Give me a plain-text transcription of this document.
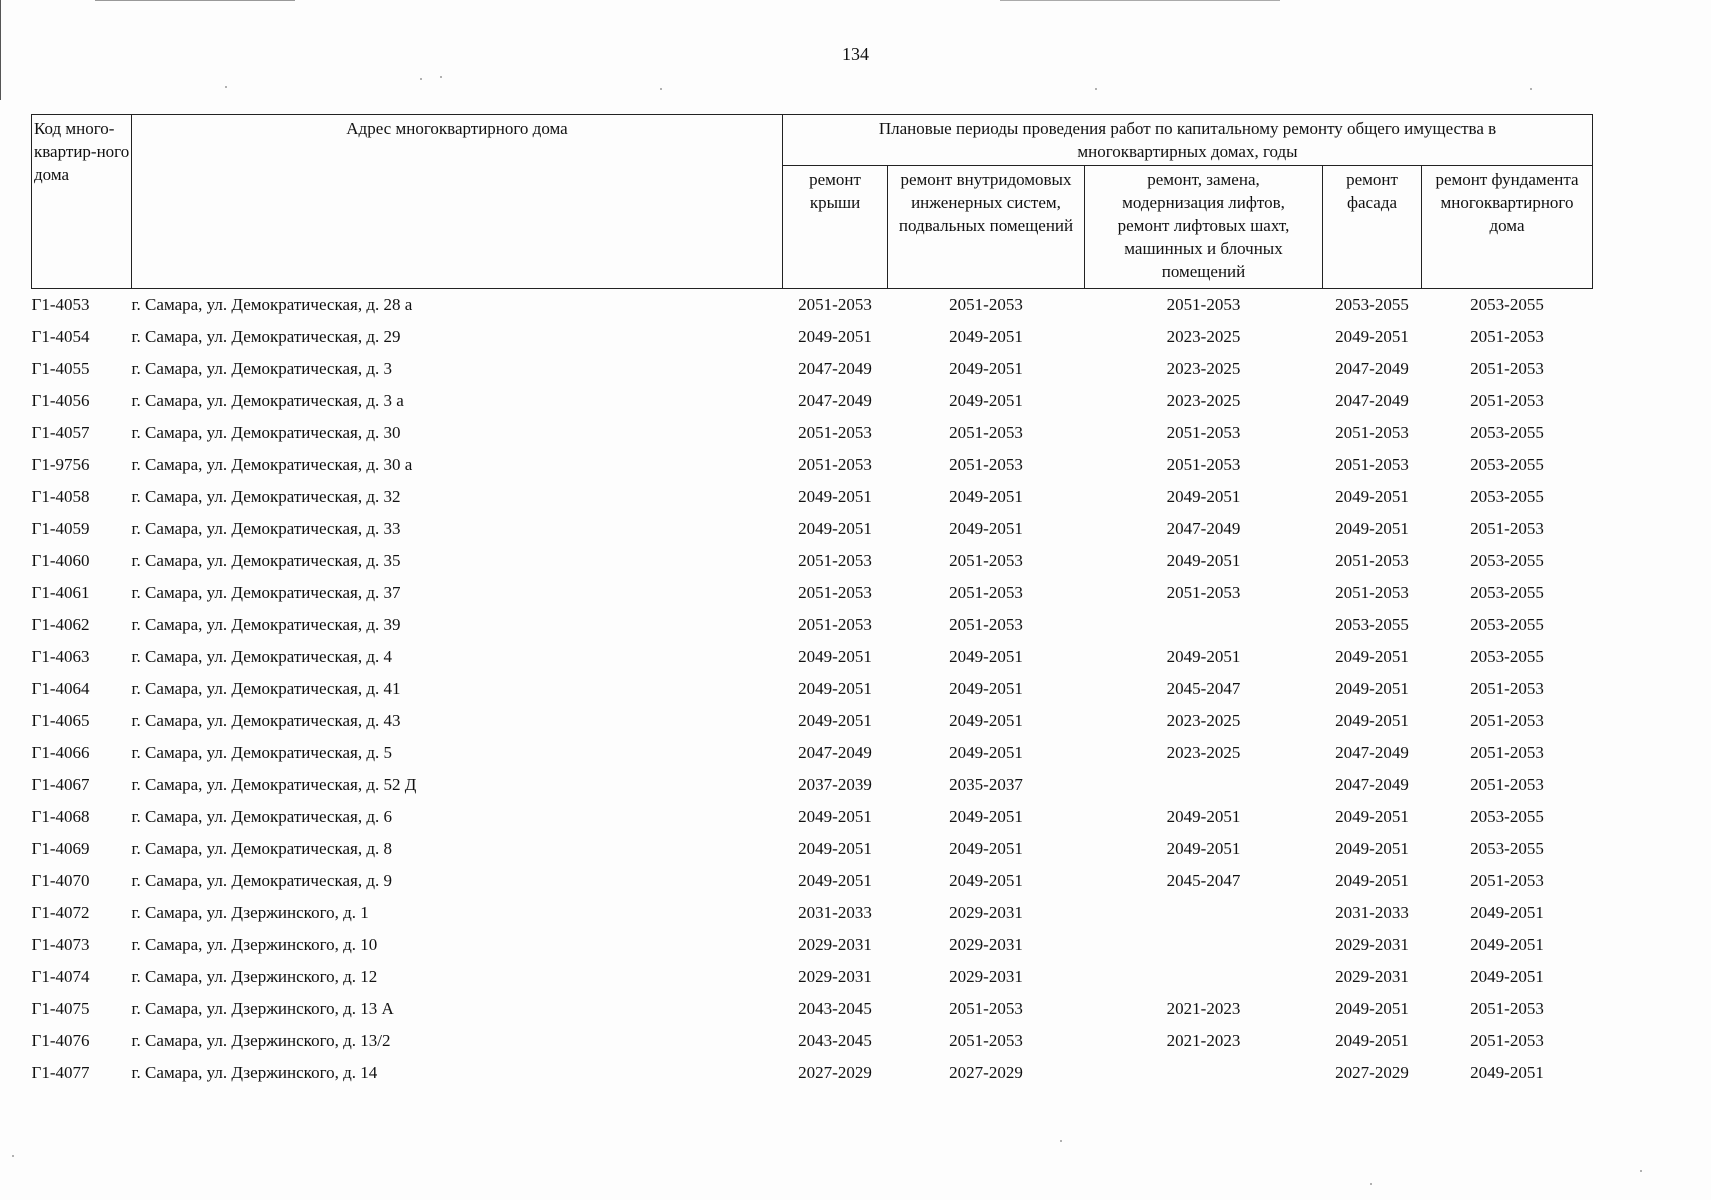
134
Код много-квартир-ного дома	Адрес многоквартирного дома	Плановые периоды проведения работ по капитальному ремонту общего имущества в многоквартирных домах, годы				
		ремонт крыши	ремонт внутридомовых инженерных систем, подвальных помещений	ремонт, замена, модернизация лифтов, ремонт лифтовых шахт, машинных и блочных помещений	ремонт фасада	ремонт фундамента многоквартирного дома
Г1-4053	г. Самара, ул. Демократическая, д. 28 а	2051-2053	2051-2053	2051-2053	2053-2055	2053-2055
Г1-4054	г. Самара, ул. Демократическая, д. 29	2049-2051	2049-2051	2023-2025	2049-2051	2051-2053
Г1-4055	г. Самара, ул. Демократическая, д. 3	2047-2049	2049-2051	2023-2025	2047-2049	2051-2053
Г1-4056	г. Самара, ул. Демократическая, д. 3 а	2047-2049	2049-2051	2023-2025	2047-2049	2051-2053
Г1-4057	г. Самара, ул. Демократическая, д. 30	2051-2053	2051-2053	2051-2053	2051-2053	2053-2055
Г1-9756	г. Самара, ул. Демократическая, д. 30 а	2051-2053	2051-2053	2051-2053	2051-2053	2053-2055
Г1-4058	г. Самара, ул. Демократическая, д. 32	2049-2051	2049-2051	2049-2051	2049-2051	2053-2055
Г1-4059	г. Самара, ул. Демократическая, д. 33	2049-2051	2049-2051	2047-2049	2049-2051	2051-2053
Г1-4060	г. Самара, ул. Демократическая, д. 35	2051-2053	2051-2053	2049-2051	2051-2053	2053-2055
Г1-4061	г. Самара, ул. Демократическая, д. 37	2051-2053	2051-2053	2051-2053	2051-2053	2053-2055
Г1-4062	г. Самара, ул. Демократическая, д. 39	2051-2053	2051-2053		2053-2055	2053-2055
Г1-4063	г. Самара, ул. Демократическая, д. 4	2049-2051	2049-2051	2049-2051	2049-2051	2053-2055
Г1-4064	г. Самара, ул. Демократическая, д. 41	2049-2051	2049-2051	2045-2047	2049-2051	2051-2053
Г1-4065	г. Самара, ул. Демократическая, д. 43	2049-2051	2049-2051	2023-2025	2049-2051	2051-2053
Г1-4066	г. Самара, ул. Демократическая, д. 5	2047-2049	2049-2051	2023-2025	2047-2049	2051-2053
Г1-4067	г. Самара, ул. Демократическая, д. 52 Д	2037-2039	2035-2037		2047-2049	2051-2053
Г1-4068	г. Самара, ул. Демократическая, д. 6	2049-2051	2049-2051	2049-2051	2049-2051	2053-2055
Г1-4069	г. Самара, ул. Демократическая, д. 8	2049-2051	2049-2051	2049-2051	2049-2051	2053-2055
Г1-4070	г. Самара, ул. Демократическая, д. 9	2049-2051	2049-2051	2045-2047	2049-2051	2051-2053
Г1-4072	г. Самара, ул. Дзержинского, д. 1	2031-2033	2029-2031		2031-2033	2049-2051
Г1-4073	г. Самара, ул. Дзержинского, д. 10	2029-2031	2029-2031		2029-2031	2049-2051
Г1-4074	г. Самара, ул. Дзержинского, д. 12	2029-2031	2029-2031		2029-2031	2049-2051
Г1-4075	г. Самара, ул. Дзержинского, д. 13 А	2043-2045	2051-2053	2021-2023	2049-2051	2051-2053
Г1-4076	г. Самара, ул. Дзержинского, д. 13/2	2043-2045	2051-2053	2021-2023	2049-2051	2051-2053
Г1-4077	г. Самара, ул. Дзержинского, д. 14	2027-2029	2027-2029		2027-2029	2049-2051
